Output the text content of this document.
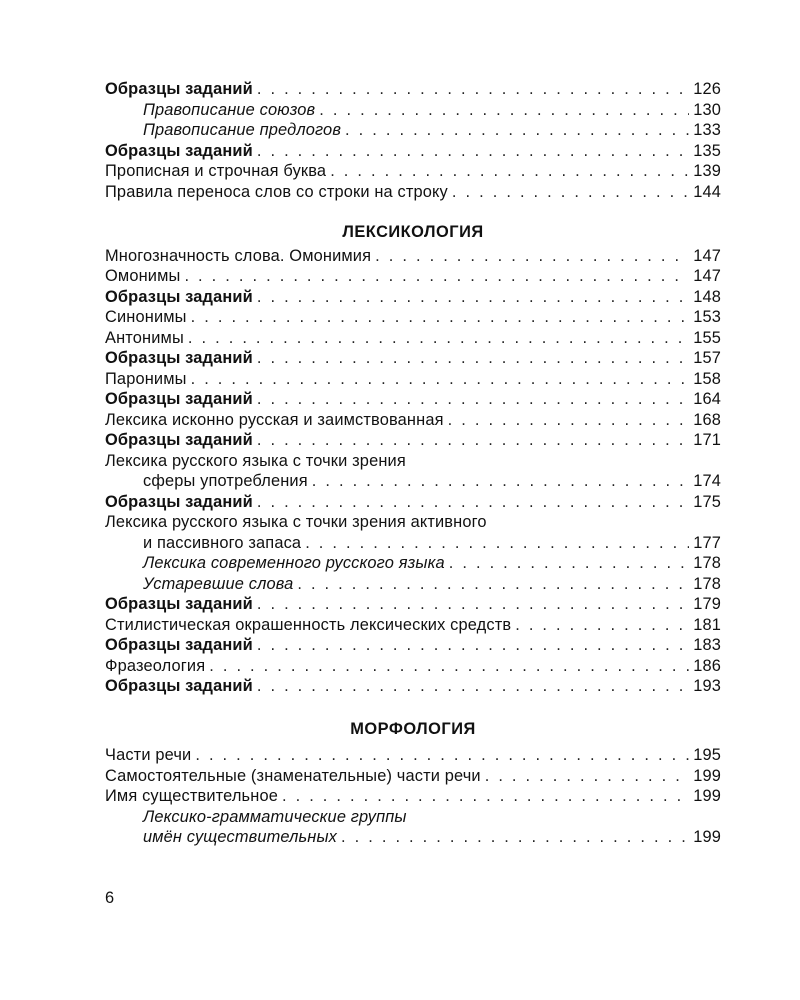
Образцы заданий . . .	126
Правописание союзов . . .	130
Правописание предлогов . . .	133
Образцы заданий . . .	135
Прописная и строчная буква . . .	139
Правила переноса слов со строки на строку . . .	144
ЛЕКСИКОЛОГИЯ
Многозначность слова. Омонимия . . .	147
Омонимы . . .	147
Образцы заданий . . .	148
Синонимы . . .	153
Антонимы . . .	155
Образцы заданий . . .	157
Паронимы . . .	158
Образцы заданий . . .	164
Лексика исконно русская и заимствованная . . .	168
Образцы заданий . . .	171
Лексика русского языка с точки зрения
сферы употребления . . .	174
Образцы заданий . . .	175
Лексика русского языка с точки зрения активного
и пассивного запаса . . .	177
Лексика современного русского языка . . .	178
Устаревшие слова . . .	178
Образцы заданий . . .	179
Стилистическая окрашенность лексических средств . . .	181
Образцы заданий . . .	183
Фразеология . . .	186
Образцы заданий . . .	193
МОРФОЛОГИЯ
Части речи . . .	195
Самостоятельные (знаменательные) части речи . . .	199
Имя существительное . . .	199
Лексико-грамматические группы
имён существительных . . .	199
6
